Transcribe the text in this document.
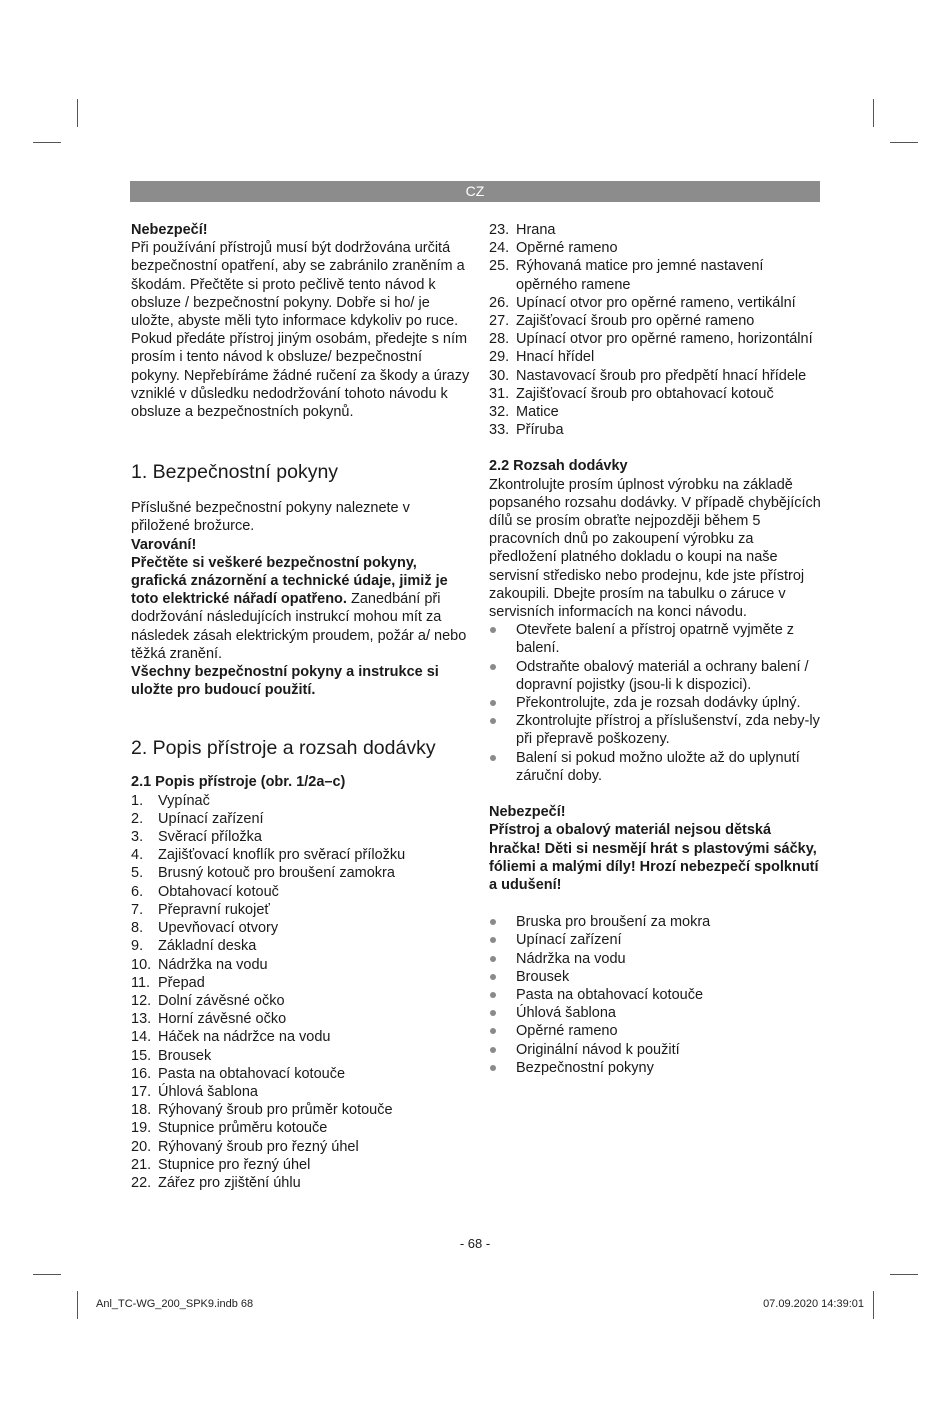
CZ

Nebezpečí!

Při používání přístrojů musí být dodržována určitá bezpečnostní opatření, aby se zabránilo zraněním a škodám. Přečtěte si proto pečlivě tento návod k obsluze / bezpečnostní pokyny. Dobře si ho/ je uložte, abyste měli tyto informace kdykoliv po ruce. Pokud předáte přístroj jiným osobám, předejte s ním prosím i tento návod k obsluze/ bezpečnostní pokyny. Nepřebíráme žádné ručení za škody a úrazy vzniklé v důsledku nedodržování tohoto návodu k obsluze a bezpečnostních pokynů.

1. Bezpečnostní pokyny

Příslušné bezpečnostní pokyny naleznete v přiložené brožurce.

Varování!

Přečtěte si veškeré bezpečnostní pokyny, grafická znázornění a technické údaje, jimiž je toto elektrické nářadí opatřeno. Zanedbání při dodržování následujících instrukcí mohou mít za následek zásah elektrickým proudem, požár a/ nebo těžká zranění.

Všechny bezpečnostní pokyny a instrukce si uložte pro budoucí použití.

2. Popis přístroje a rozsah dodávky

2.1 Popis přístroje (obr. 1/2a–c)

1. Vypínač
2. Upínací zařízení
3. Svěrací příložka
4. Zajišťovací knoflík pro svěrací příložku
5. Brusný kotouč pro broušení zamokra
6. Obtahovací kotouč
7. Přepravní rukojeť
8. Upevňovací otvory
9. Základní deska
10. Nádržka na vodu
11. Přepad
12. Dolní závěsné očko
13. Horní závěsné očko
14. Háček na nádržce na vodu
15. Brousek
16. Pasta na obtahovací kotouče
17. Úhlová šablona
18. Rýhovaný šroub pro průměr kotouče
19. Stupnice průměru kotouče
20. Rýhovaný šroub pro řezný úhel
21. Stupnice pro řezný úhel
22. Zářez pro zjištění úhlu
23. Hrana
24. Opěrné rameno
25. Rýhovaná matice pro jemné nastavení opěrného ramene
26. Upínací otvor pro opěrné rameno, vertikální
27. Zajišťovací šroub pro opěrné rameno
28. Upínací otvor pro opěrné rameno, horizontální
29. Hnací hřídel
30. Nastavovací šroub pro předpětí hnací hřídele
31. Zajišťovací šroub pro obtahovací kotouč
32. Matice
33. Příruba

2.2 Rozsah dodávky

Zkontrolujte prosím úplnost výrobku na základě popsaného rozsahu dodávky. V případě chybějících dílů se prosím obraťte nejpozději během 5 pracovních dnů po zakoupení výrobku za předložení platného dokladu o koupi na naše servisní středisko nebo prodejnu, kde jste přístroj zakoupili. Dbejte prosím na tabulku o záruce v servisních informacích na konci návodu.

Otevřete balení a přístroj opatrně vyjměte z balení.
Odstraňte obalový materiál a ochrany balení / dopravní pojistky (jsou-li k dispozici).
Překontrolujte, zda je rozsah dodávky úplný.
Zkontrolujte přístroj a příslušenství, zda neby-ly při přepravě poškozeny.
Balení si pokud možno uložte až do uplynutí záruční doby.

Nebezpečí!

Přístroj a obalový materiál nejsou dětská hračka! Děti si nesmějí hrát s plastovými sáčky, fóliemi a malými díly! Hrozí nebezpečí spolknutí a udušení!

Bruska pro broušení za mokra
Upínací zařízení
Nádržka na vodu
Brousek
Pasta na obtahovací kotouče
Úhlová šablona
Opěrné rameno
Originální návod k použití
Bezpečnostní pokyny
- 68 -
Anl_TC-WG_200_SPK9.indb 68	07.09.2020 14:39:01
